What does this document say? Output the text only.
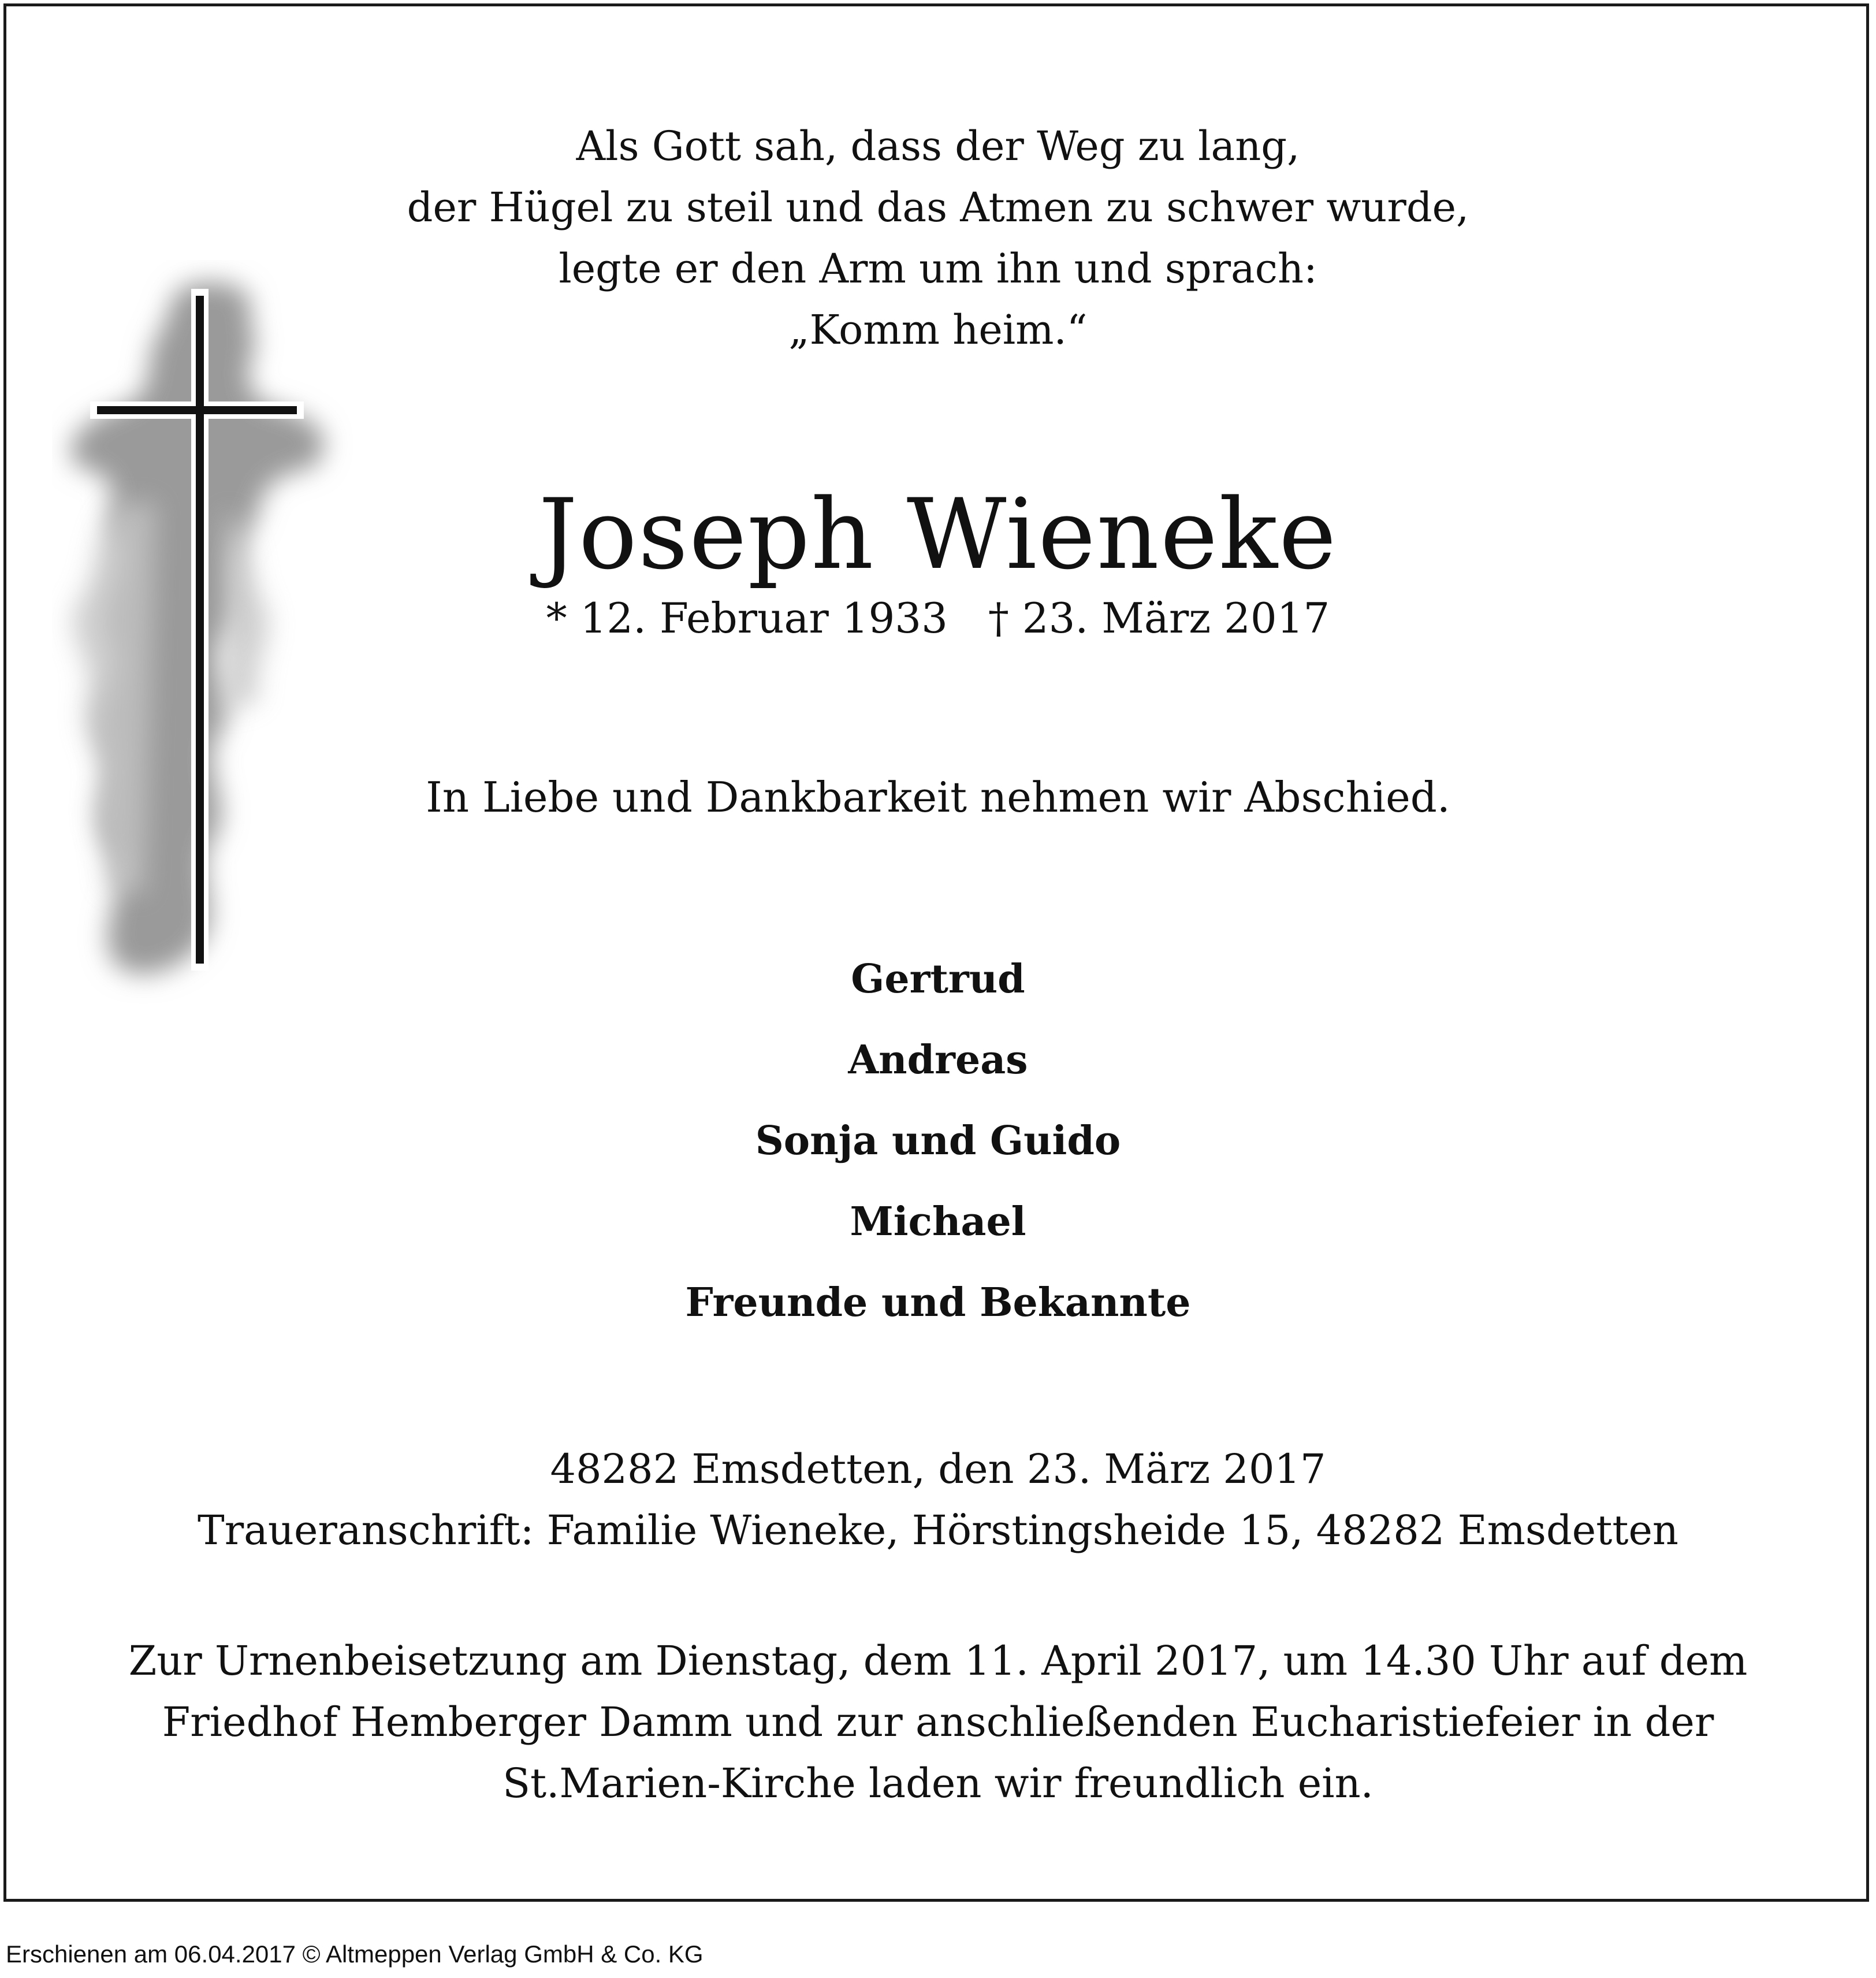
Als Gott sah, dass der Weg zu lang,
der Hügel zu steil und das Atmen zu schwer wurde,
legte er den Arm um ihn und sprach:
„Komm heim.“
Joseph Wieneke
* 12. Februar 1933 † 23. März 2017
In Liebe und Dankbarkeit nehmen wir Abschied.
Gertrud
Andreas
Sonja und Guido
Michael
Freunde und Bekannte
48282 Emsdetten, den 23. März 2017
Traueranschrift: Familie Wieneke, Hörstingsheide 15, 48282 Emsdetten
Zur Urnenbeisetzung am Dienstag, dem 11. April 2017, um 14.30 Uhr auf dem
Friedhof Hemberger Damm und zur anschließenden Eucharistiefeier in der
St.Marien-Kirche laden wir freundlich ein.
Erschienen am 06.04.2017 © Altmeppen Verlag GmbH & Co. KG
